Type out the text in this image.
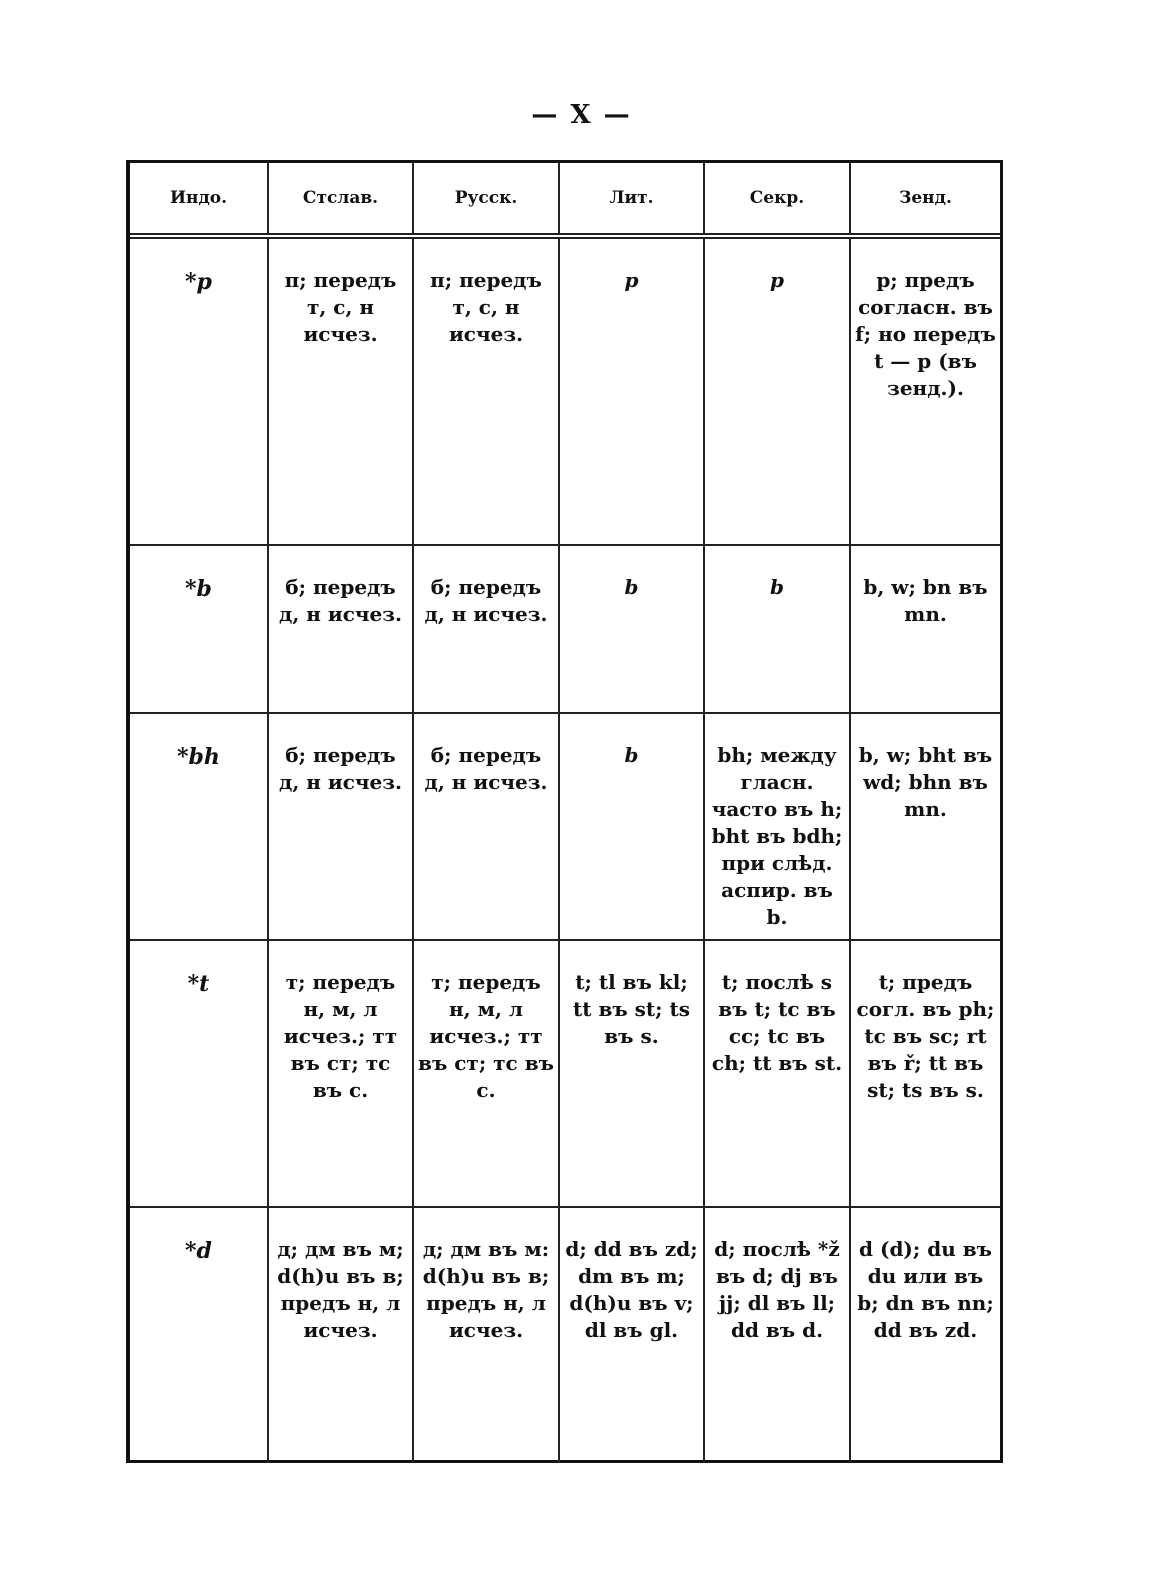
— X —
Индо.	Стслав.	Русск.	Лит.	Секр.	Зенд.

*p	п; передъ т, с, н исчез.	п; передъ т, с, н исчез.	p	p	p; предъ согласн. въ f; но передъ t — p (въ зенд.).

*b	б; передъ д, н исчез.	б; передъ д, н исчез.	b	b	b, w; bn въ mn.

*bh	б; передъ д, н исчез.	б; передъ д, н исчез.	b	bh; между гласн. часто въ h; bht въ bdh; при слѣд. аспир. въ b.	b, w; bht въ wd; bhn въ mn.

*t	т; передъ н, м, л исчез.; тт въ ст; тс въ с.	т; передъ н, м, л исчез.; тт въ ст; тс въ с.	t; tl въ kl; tt въ st; ts въ s.	t; послѣ s въ t; tc въ cc; tc въ ch; tt въ st.	t; предъ согл. въ ph; tc въ sc; rt въ ř; tt въ st; ts въ s.

*d	д; дм въ м; d(h)u въ в; предъ н, л исчез.	д; дм въ м: d(h)u въ в; предъ н, л исчез.	d; dd въ zd; dm въ m; d(h)u въ v; dl въ gl.	d; послѣ *ž въ d; dj въ jj; dl въ ll; dd въ d.	d (d); du въ du или въ b; dn въ nn; dd въ zd.
